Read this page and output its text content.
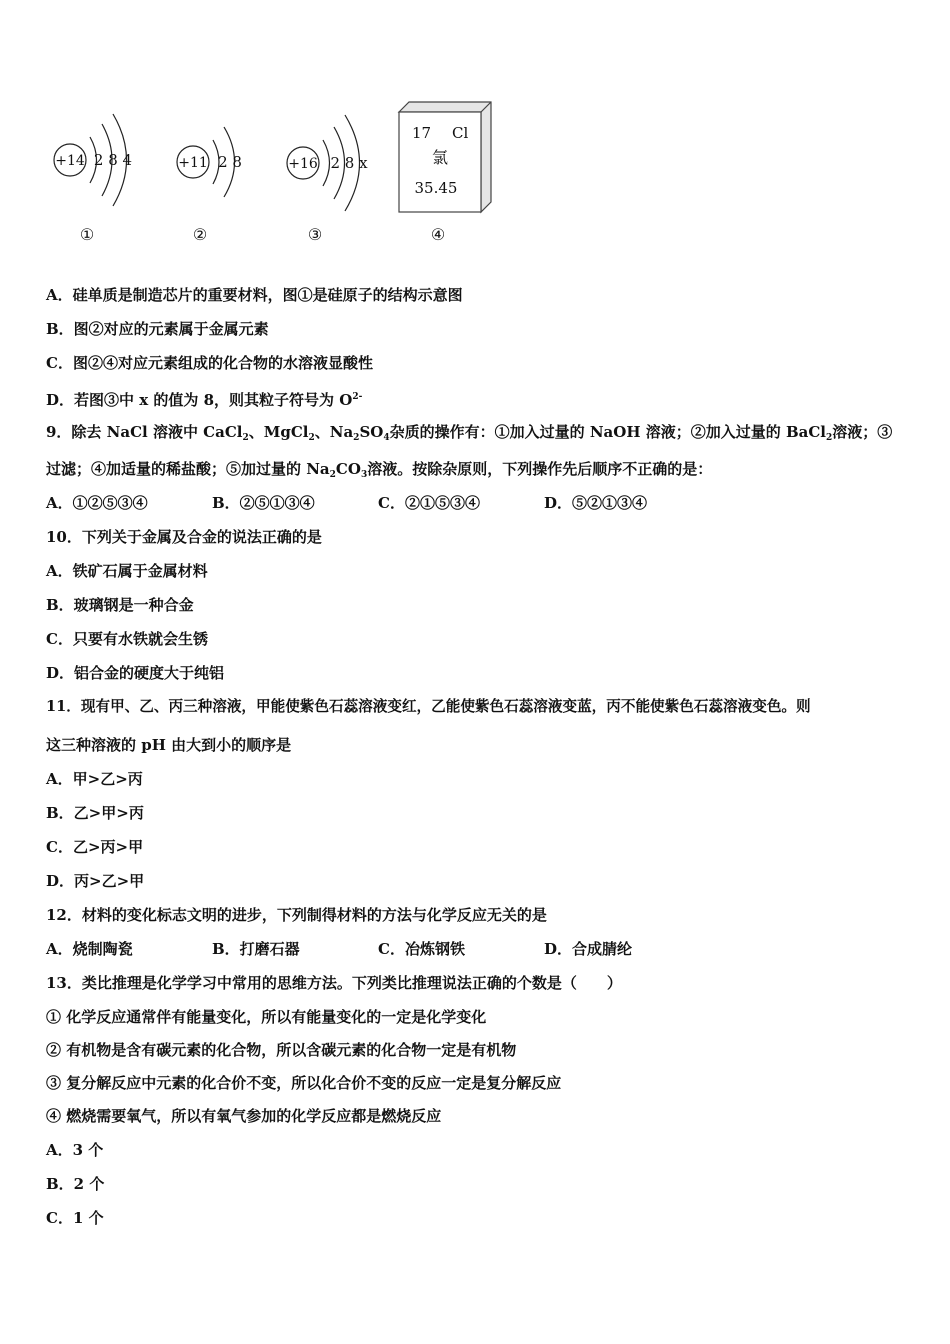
+14 2 8 4
①
+11 2 8
②
+16 2 8 x
③
17 Cl
氯
35.45
④
A．硅单质是制造芯片的重要材料，图①是硅原子的结构示意图
B．图②对应的元素属于金属元素
C．图②④对应元素组成的化合物的水溶液显酸性
D．若图③中 x 的值为 8，则其粒子符号为 $O^{2-}$
9．除去 NaCl 溶液中 CaCl$_2$、MgCl$_2$、$Na_2SO_4$杂质的操作有：①加入过量的 NaOH 溶液；②加入过量的 BaCl$_2$溶液；③
过滤；④加适量的稀盐酸；⑤加过量的 $Na_2CO_3$溶液。按除杂原则，下列操作先后顺序不正确的是：
A．①②⑤③④	B．②⑤①③④	C．②①⑤③④	D．⑤②①③④
10．下列关于金属及合金的说法正确的是
A．铁矿石属于金属材料
B．玻璃钢是一种合金
C．只要有水铁就会生锈
D．铝合金的硬度大于纯铝
11．现有甲、乙、丙三种溶液，甲能使紫色石蕊溶液变红，乙能使紫色石蕊溶液变蓝，丙不能使紫色石蕊溶液变色。则
这三种溶液的 pH 由大到小的顺序是
A．甲>乙>丙
B．乙>甲>丙
C．乙>丙>甲
D．丙>乙>甲
12．材料的变化标志文明的进步，下列制得材料的方法与化学反应无关的是
A．烧制陶瓷	B．打磨石器	C．冶炼钢铁	D．合成腈纶
13．类比推理是化学学习中常用的思维方法。下列类比推理说法正确的个数是（　　）
① 化学反应通常伴有能量变化，所以有能量变化的一定是化学变化
② 有机物是含有碳元素的化合物，所以含碳元素的化合物一定是有机物
③ 复分解反应中元素的化合价不变，所以化合价不变的反应一定是复分解反应
④ 燃烧需要氧气，所以有氧气参加的化学反应都是燃烧反应
A．3 个
B．2 个
C．1 个
